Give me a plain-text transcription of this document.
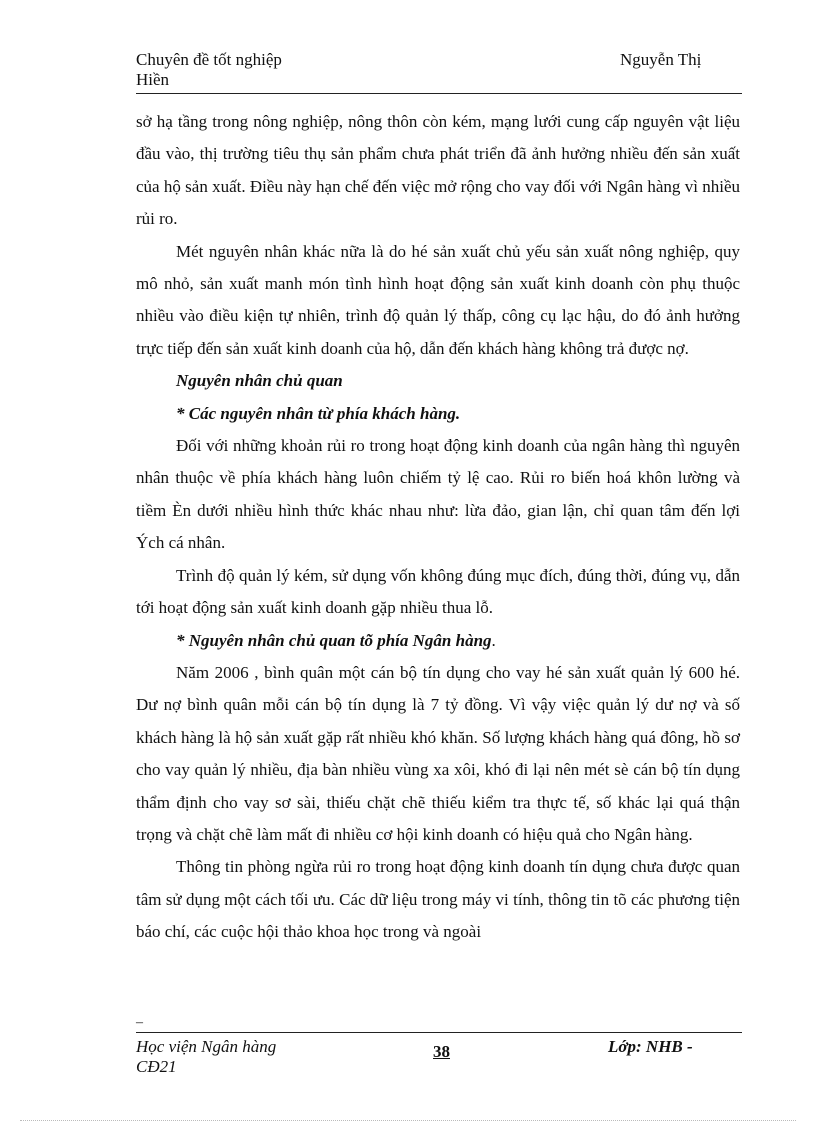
Chuyên đề tốt nghiệp
Hiền
Nguyễn Thị

sở hạ tầng trong nông nghiệp, nông thôn còn kém, mạng lưới cung cấp nguyên vật liệu đầu vào, thị trường tiêu thụ sản phẩm chưa phát triển đã ảnh hưởng nhiều đến sản xuất của hộ sản xuất. Điều này hạn chế đến việc mở rộng cho vay đối với Ngân hàng vì nhiều rủi ro.

Mét nguyên nhân khác nữa là do hé sản xuất chủ yếu sản xuất nông nghiệp, quy mô nhỏ, sản xuất manh món tình hình hoạt động sản xuất kinh doanh còn phụ thuộc nhiều vào điều kiện tự nhiên, trình độ quản lý thấp, công cụ lạc hậu, do đó ảnh hưởng trực tiếp đến sản xuất kinh doanh của hộ, dẫn đến khách hàng không trả được nợ.

Nguyên nhân chủ quan

* Các nguyên nhân từ phía khách hàng.

Đối với những khoản rủi ro trong hoạt động kinh doanh của ngân hàng thì nguyên nhân thuộc về phía khách hàng luôn chiếm tỷ lệ cao. Rủi ro biến hoá khôn lường và tiềm Èn dưới nhiều hình thức khác nhau như: lừa đảo, gian lận, chỉ quan tâm đến lợi Ých cá nhân.

Trình độ quản lý kém, sử dụng vốn không đúng mục đích, đúng thời, đúng vụ, dẫn tới hoạt động sản xuất kinh doanh gặp nhiều thua lỗ.

* Nguyên nhân chủ quan tõ phía Ngân hàng.

Năm 2006 , bình quân một cán bộ tín dụng cho vay hé sản xuất quản lý 600 hé. Dư nợ bình quân mỗi cán bộ tín dụng là 7 tỷ đồng. Vì vậy việc quản lý dư nợ và số khách hàng là hộ sản xuất gặp rất nhiều khó khăn. Số lượng khách hàng quá đông, hồ sơ cho vay quản lý nhiều, địa bàn nhiều vùng xa xôi, khó đi lại nên mét sè cán bộ tín dụng thẩm định cho vay sơ sài, thiếu chặt chẽ thiếu kiểm tra thực tế, số khác lại quá thận trọng và chặt chẽ làm mất đi nhiều cơ hội kinh doanh có hiệu quả cho Ngân hàng.

Thông tin phòng ngừa rủi ro trong hoạt động kinh doanh tín dụng chưa được quan tâm sử dụng một cách tối ưu. Các dữ liệu trong máy vi tính, thông tin tõ các phương tiện báo chí, các cuộc hội thảo khoa học trong và ngoài

–
Học viện Ngân hàng
CĐ21
38	Lớp: NHB -
